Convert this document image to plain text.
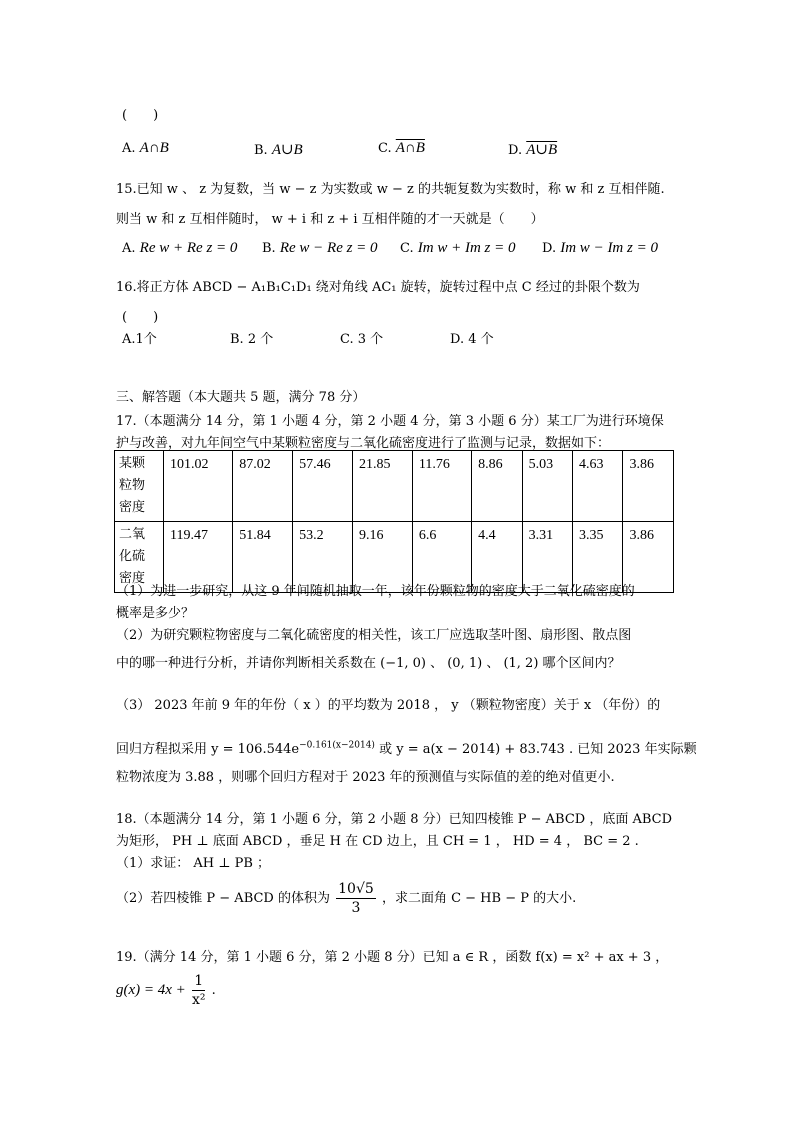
(　　)
A. A∩B	B. A∪B	C. A∩B	D. A∪B
15.已知 w 、 z 为复数，当 w − z 为实数或 w − z 的共轭复数为实数时，称 w 和 z 互相伴随.
则当 w 和 z 互相伴随时， w + i 和 z + i 互相伴随的才一天就是（　　）
A. Re w + Re z = 0 B. Re w − Re z = 0 C. Im w + Im z = 0 D. Im w − Im z = 0
16.将正方体 ABCD − A₁B₁C₁D₁ 绕对角线 AC₁ 旋转，旋转过程中点 C 经过的卦限个数为
(　　)
A.1个	B. 2 个	C. 3 个	D. 4 个
三、解答题（本大题共 5 题，满分 78 分）
17.（本题满分 14 分，第 1 小题 4 分，第 2 小题 4 分，第 3 小题 6 分）某工厂为进行环境保
护与改善，对九年间空气中某颗粒密度与二氧化硫密度进行了监测与记录，数据如下：
某颗
粒物
密度	101.02	87.02	57.46	21.85	11.76	8.86	5.03	4.63	3.86

二氧
化硫
密度	119.47	51.84	53.2	9.16	6.6	4.4	3.31	3.35	3.86
（1）为进一步研究，从这 9 年间随机抽取一年，该年份颗粒物的密度大于二氧化硫密度的
概率是多少？
（2）为研究颗粒物密度与二氧化硫密度的相关性，该工厂应选取茎叶图、扇形图、散点图
中的哪一种进行分析，并请你判断相关系数在 (−1, 0) 、 (0, 1) 、 (1, 2) 哪个区间内？
（3） 2023 年前 9 年的年份（ x ）的平均数为 2018 ， y （颗粒物密度）关于 x （年份）的
回归方程拟采用 $y = 106.544e^{-0.161(x-2014)}$ 或 y = a(x − 2014) + 83.743 . 已知 2023 年实际颗
粒物浓度为 3.88 ，则哪个回归方程对于 2023 年的预测值与实际值的差的绝对值更小.
18.（本题满分 14 分，第 1 小题 6 分，第 2 小题 8 分）已知四棱锥 P − ABCD ，底面 ABCD
为矩形， PH ⊥ 底面 ABCD ，垂足 H 在 CD 边上，且 CH = 1 ， HD = 4 ， BC = 2 .
（1）求证： AH ⊥ PB ；
（2）若四棱锥 P − ABCD 的体积为 $\frac{10√5}{3}$ ，求二面角 C − HB − P 的大小.
19.（满分 14 分，第 1 小题 6 分，第 2 小题 8 分）已知 a ∈ R ，函数 f(x) = x² + ax + 3 ，
$g(x) = 4x + \frac{1}{\text{x²}}$ .
